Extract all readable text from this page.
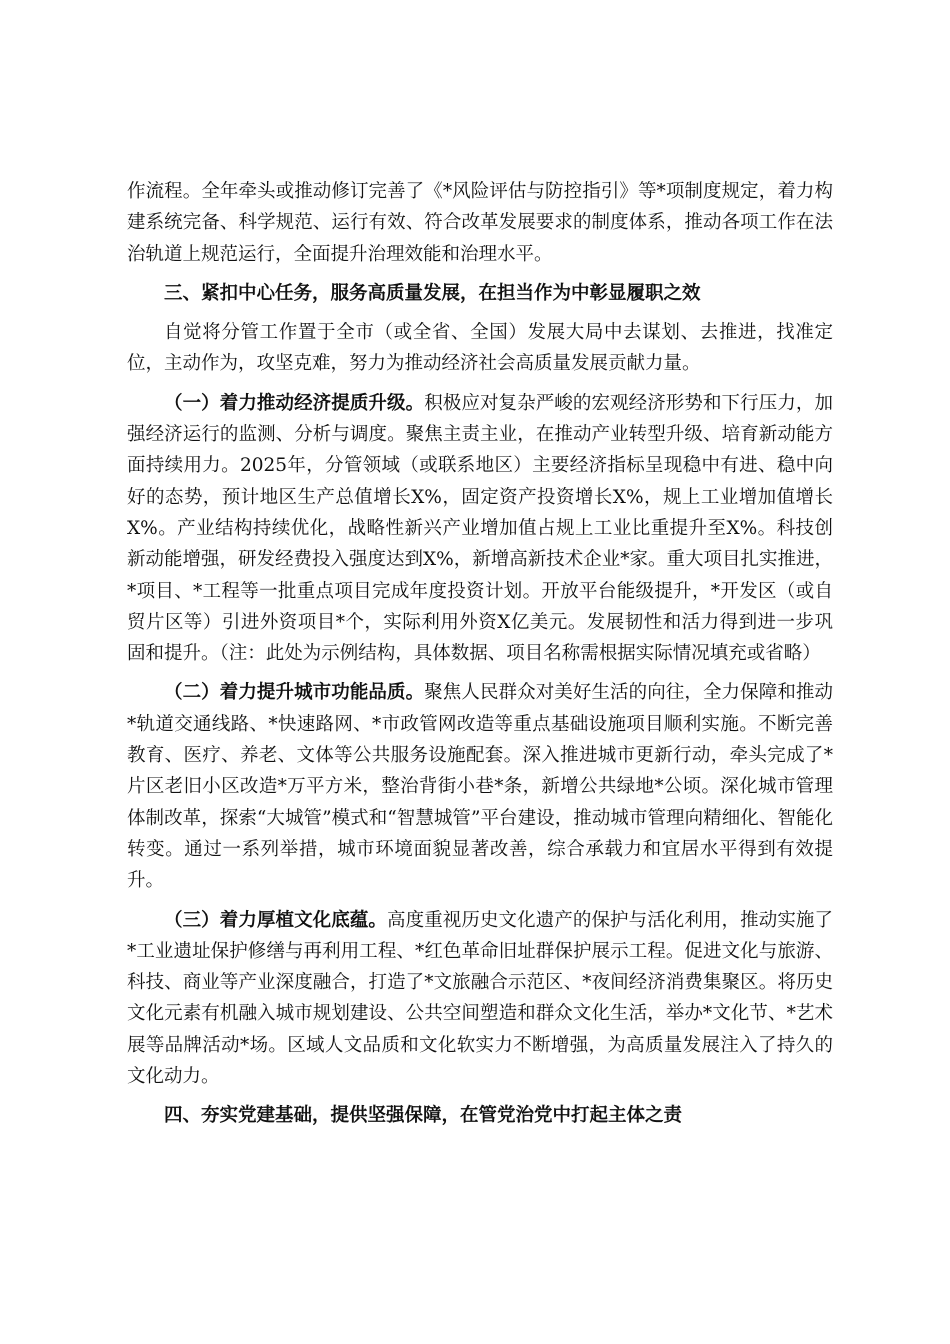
作流程。全年牵头或推动修订完善了《*风险评估与防控指引》等*项制度规定，着力构建系统完备、科学规范、运行有效、符合改革发展要求的制度体系，推动各项工作在法治轨道上规范运行，全面提升治理效能和治理水平。

三、紧扣中心任务，服务高质量发展，在担当作为中彰显履职之效

自觉将分管工作置于全市（或全省、全国）发展大局中去谋划、去推进，找准定位，主动作为，攻坚克难，努力为推动经济社会高质量发展贡献力量。

（一）着力推动经济提质升级。积极应对复杂严峻的宏观经济形势和下行压力，加强经济运行的监测、分析与调度。聚焦主责主业，在推动产业转型升级、培育新动能方面持续用力。2025年，分管领域（或联系地区）主要经济指标呈现稳中有进、稳中向好的态势，预计地区生产总值增长X%，固定资产投资增长X%，规上工业增加值增长X%。产业结构持续优化，战略性新兴产业增加值占规上工业比重提升至X%。科技创新动能增强，研发经费投入强度达到X%，新增高新技术企业*家。重大项目扎实推进，*项目、*工程等一批重点项目完成年度投资计划。开放平台能级提升，*开发区（或自贸片区等）引进外资项目*个，实际利用外资X亿美元。发展韧性和活力得到进一步巩固和提升。（注：此处为示例结构，具体数据、项目名称需根据实际情况填充或省略）

（二）着力提升城市功能品质。聚焦人民群众对美好生活的向往，全力保障和推动*轨道交通线路、*快速路网、*市政管网改造等重点基础设施项目顺利实施。不断完善教育、医疗、养老、文体等公共服务设施配套。深入推进城市更新行动，牵头完成了*片区老旧小区改造*万平方米，整治背街小巷*条，新增公共绿地*公顷。深化城市管理体制改革，探索“大城管”模式和“智慧城管”平台建设，推动城市管理向精细化、智能化转变。通过一系列举措，城市环境面貌显著改善，综合承载力和宜居水平得到有效提升。

（三）着力厚植文化底蕴。高度重视历史文化遗产的保护与活化利用，推动实施了*工业遗址保护修缮与再利用工程、*红色革命旧址群保护展示工程。促进文化与旅游、科技、商业等产业深度融合，打造了*文旅融合示范区、*夜间经济消费集聚区。将历史文化元素有机融入城市规划建设、公共空间塑造和群众文化生活，举办*文化节、*艺术展等品牌活动*场。区域人文品质和文化软实力不断增强，为高质量发展注入了持久的文化动力。

四、夯实党建基础，提供坚强保障，在管党治党中打起主体之责
